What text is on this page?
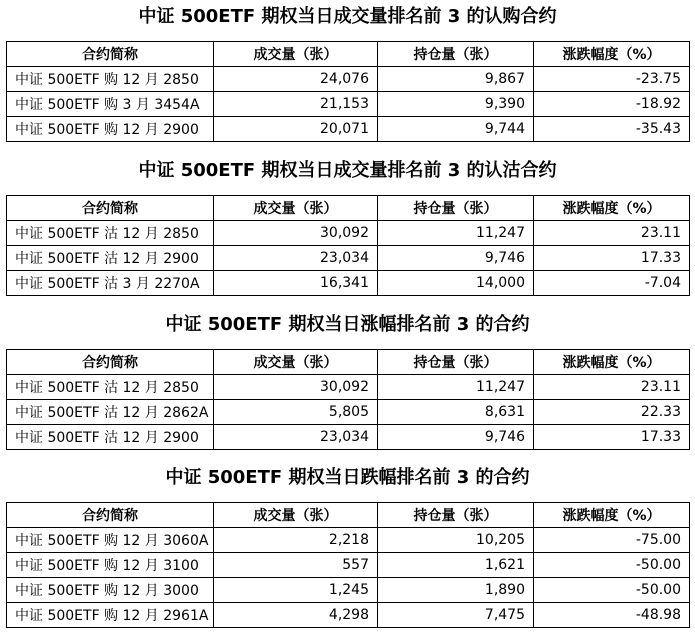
中证 500ETF 期权当日成交量排名前 3 的认购合约
合约简称	成交量（张）	持仓量（张）	涨跌幅度（%）
中证 500ETF 购 12 月 2850	24,076	9,867	-23.75
中证 500ETF 购 3 月 3454A	21,153	9,390	-18.92
中证 500ETF 购 12 月 2900	20,071	9,744	-35.43
中证 500ETF 期权当日成交量排名前 3 的认沽合约
合约简称	成交量（张）	持仓量（张）	涨跌幅度（%）
中证 500ETF 沽 12 月 2850	30,092	11,247	23.11
中证 500ETF 沽 12 月 2900	23,034	9,746	17.33
中证 500ETF 沽 3 月 2270A	16,341	14,000	-7.04
中证 500ETF 期权当日涨幅排名前 3 的合约
合约简称	成交量（张）	持仓量（张）	涨跌幅度（%）
中证 500ETF 沽 12 月 2850	30,092	11,247	23.11
中证 500ETF 沽 12 月 2862A	5,805	8,631	22.33
中证 500ETF 沽 12 月 2900	23,034	9,746	17.33
中证 500ETF 期权当日跌幅排名前 3 的合约
合约简称	成交量（张）	持仓量（张）	涨跌幅度（%）
中证 500ETF 购 12 月 3060A	2,218	10,205	-75.00
中证 500ETF 购 12 月 3100	557	1,621	-50.00
中证 500ETF 购 12 月 3000	1,245	1,890	-50.00
中证 500ETF 购 12 月 2961A	4,298	7,475	-48.98
